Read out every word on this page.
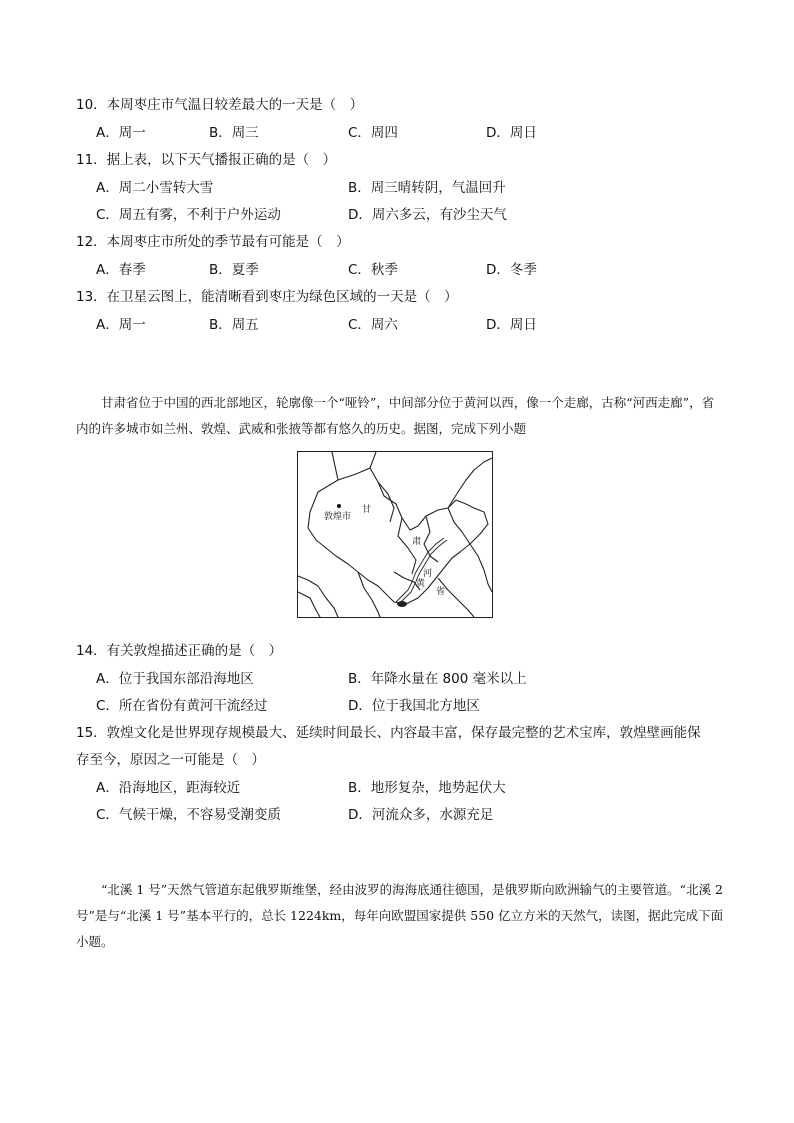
10．本周枣庄市气温日较差最大的一天是（　）
A．周一	B．周三	C．周四	D．周日
11．据上表，以下天气播报正确的是（　）
A．周二小雪转大雪	B．周三晴转阴，气温回升
C．周五有雾，不利于户外运动	D．周六多云，有沙尘天气
12．本周枣庄市所处的季节最有可能是（　）
A．春季	B．夏季	C．秋季	D．冬季
13．在卫星云图上，能清晰看到枣庄为绿色区域的一天是（　）
A．周一	B．周五	C．周六	D．周日
甘肃省位于中国的西北部地区，轮廓像一个“哑铃”，中间部分位于黄河以西，像一个走廊，古称“河西走廊”，省内的许多城市如兰州、敦煌、武威和张掖等都有悠久的历史。据图，完成下列小题
敦煌市
甘
肃
河
黄
省
14．有关敦煌描述正确的是（　）
A．位于我国东部沿海地区	B．年降水量在 800 毫米以上
C．所在省份有黄河干流经过	D．位于我国北方地区
15．敦煌文化是世界现存规模最大、延续时间最长、内容最丰富，保存最完整的艺术宝库，敦煌壁画能保
存至今，原因之一可能是（　）
A．沿海地区，距海较近	B．地形复杂，地势起伏大
C．气候干燥，不容易受潮变质	D．河流众多，水源充足
“北溪 1 号”天然气管道东起俄罗斯维堡，经由波罗的海海底通往德国，是俄罗斯向欧洲输气的主要管道。“北溪 2 号”是与“北溪 1 号”基本平行的，总长 1224km，每年向欧盟国家提供 550 亿立方米的天然气，读图，据此完成下面小题。
